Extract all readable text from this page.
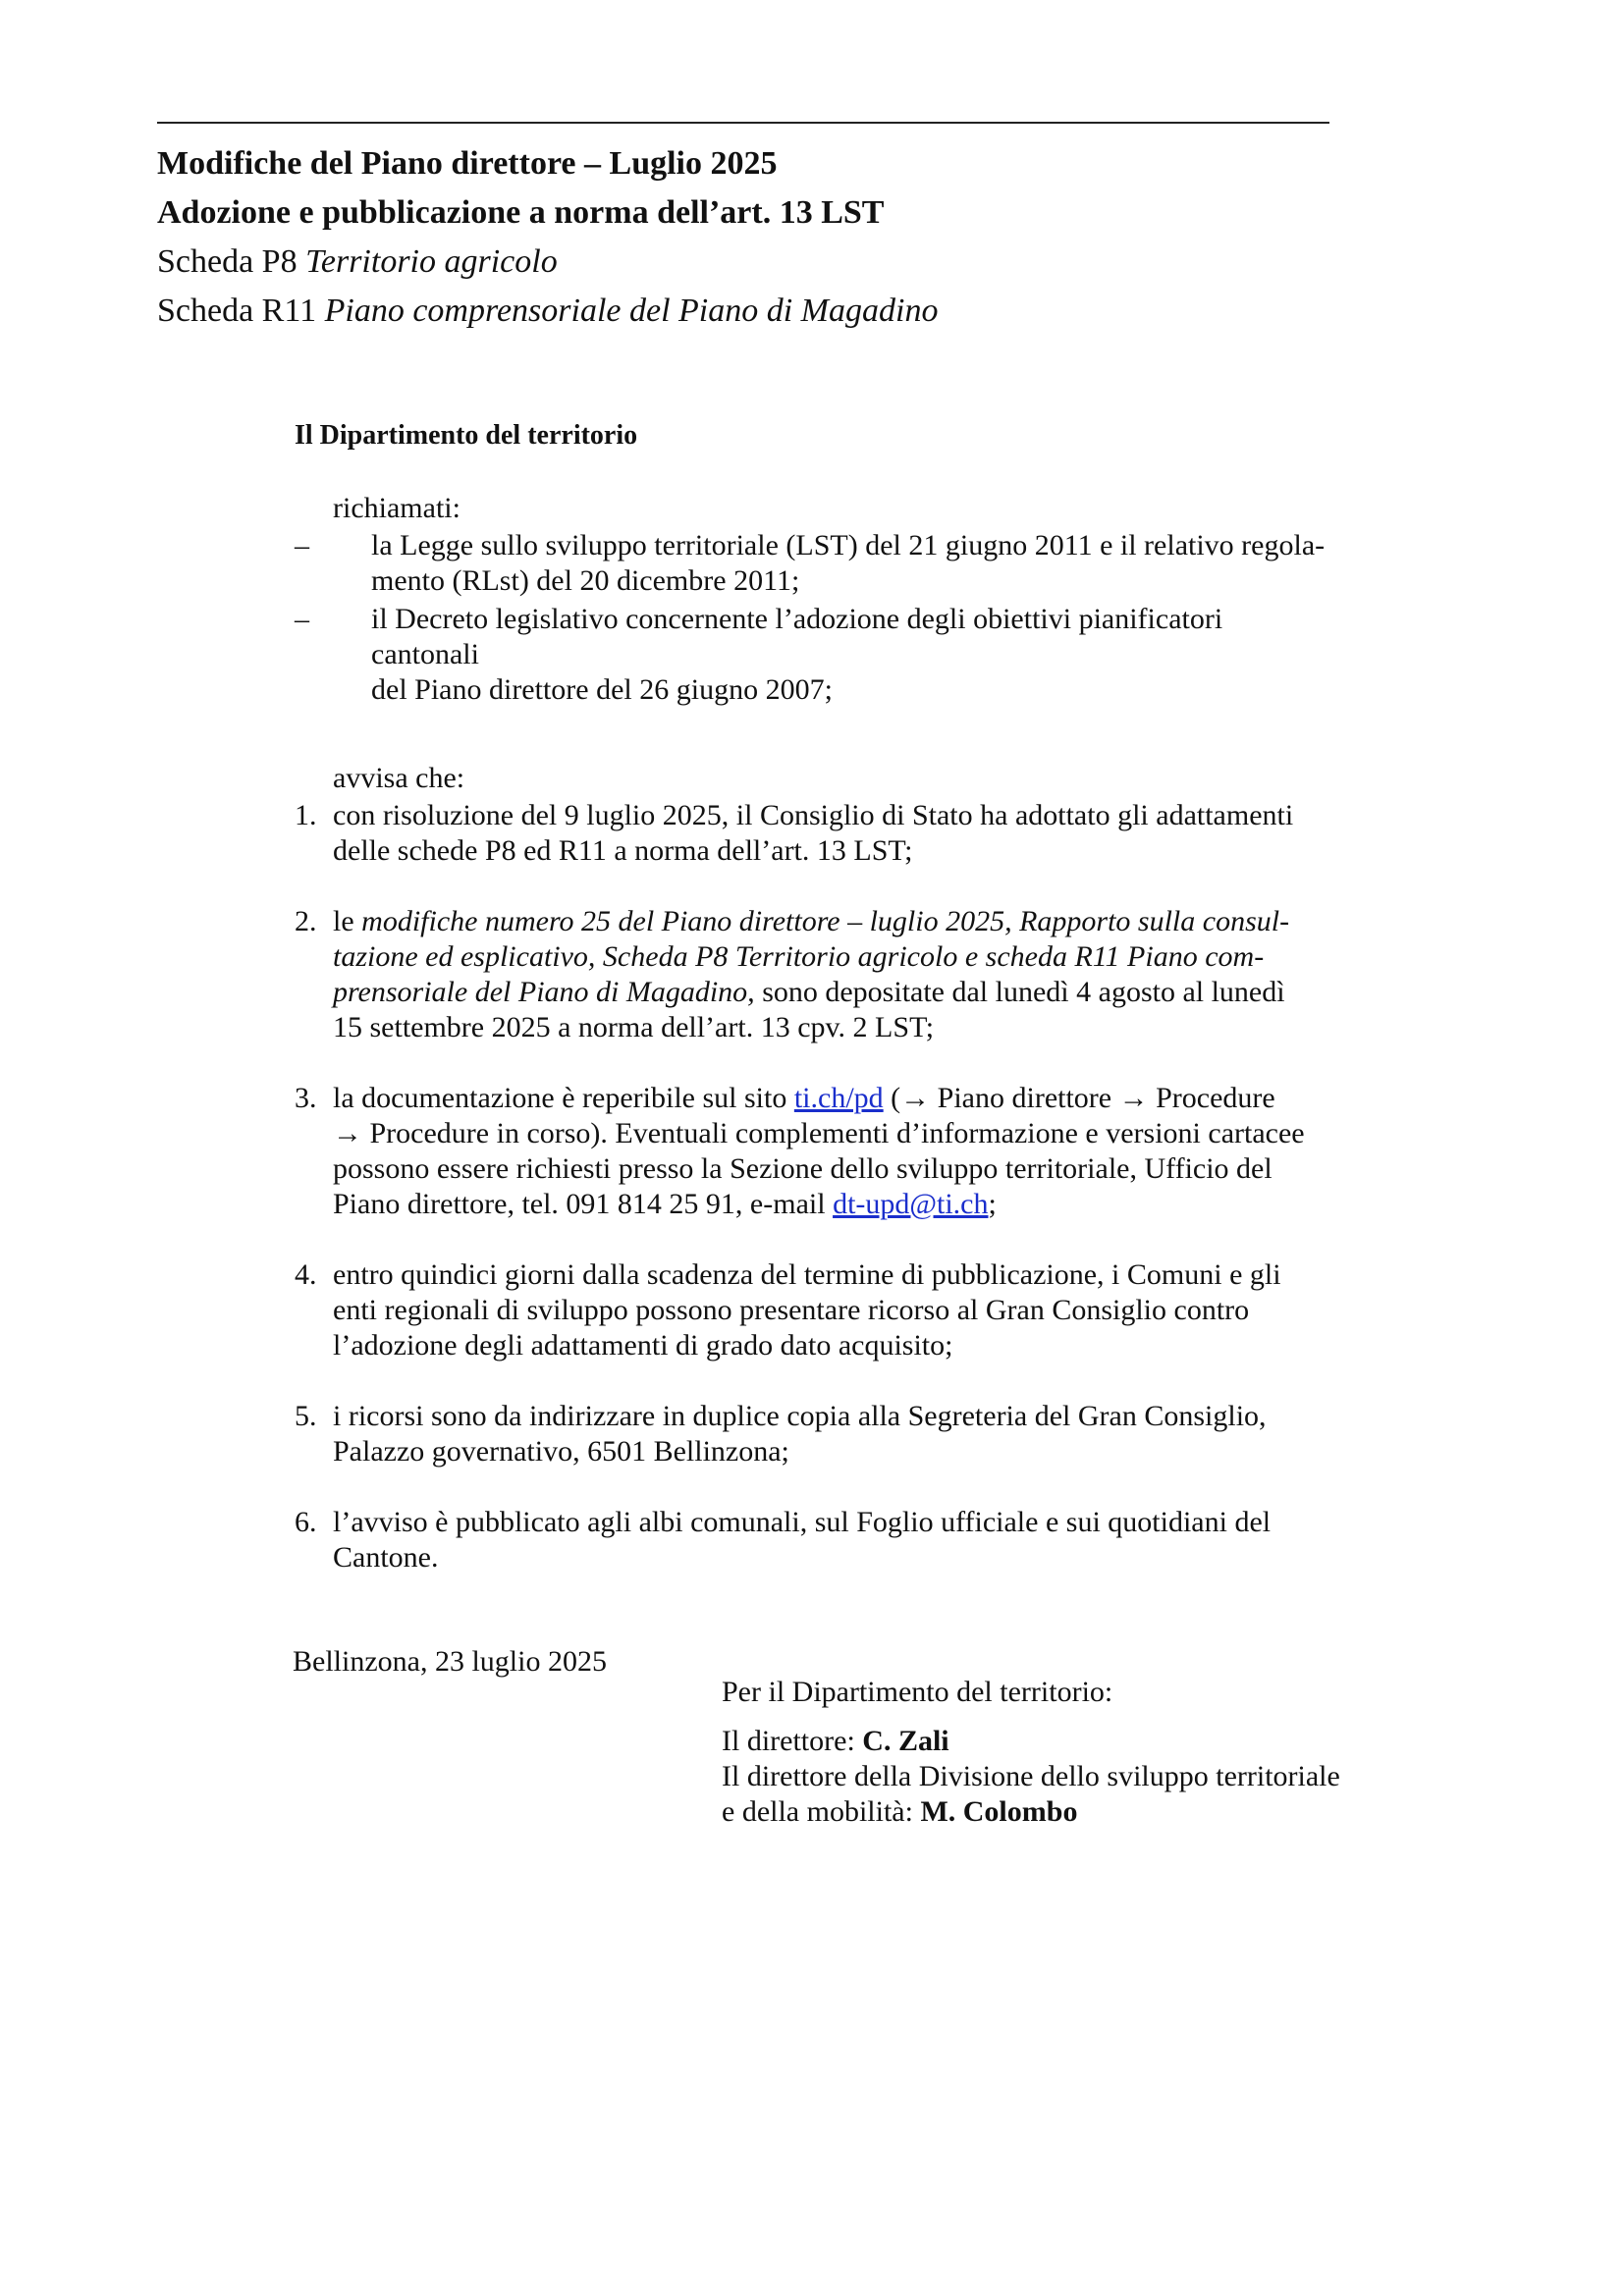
Modifiche del Piano direttore – Luglio 2025
Adozione e pubblicazione a norma dell’art. 13 LST
Scheda P8 Territorio agricolo
Scheda R11 Piano comprensoriale del Piano di Magadino
Il Dipartimento del territorio

richiamati:

–	la Legge sullo sviluppo territoriale (LST) del 21 giugno 2011 e il relativo regola-
mento (RLst) del 20 dicembre 2011;
–	il Decreto legislativo concernente l’adozione degli obiettivi pianificatori cantonali
del Piano direttore del 26 giugno 2007;

avvisa che:

1. con risoluzione del 9 luglio 2025, il Consiglio di Stato ha adottato gli adattamenti
delle schede P8 ed R11 a norma dell’art. 13 LST;
2. le modifiche numero 25 del Piano direttore – luglio 2025, Rapporto sulla consul-
tazione ed esplicativo, Scheda P8 Territorio agricolo e scheda R11 Piano com-
prensoriale del Piano di Magadino, sono depositate dal lunedì 4 agosto al lunedì
15 settembre 2025 a norma dell’art. 13 cpv. 2 LST;
3. la documentazione è reperibile sul sito ti.ch/pd (→ Piano direttore → Procedure
→ Procedure in corso). Eventuali complementi d’informazione e versioni cartacee
possono essere richiesti presso la Sezione dello sviluppo territoriale, Ufficio del
Piano direttore, tel. 091 814 25 91, e-mail dt-upd@ti.ch;
4. entro quindici giorni dalla scadenza del termine di pubblicazione, i Comuni e gli
enti regionali di sviluppo possono presentare ricorso al Gran Consiglio contro
l’adozione degli adattamenti di grado dato acquisito;
5. i ricorsi sono da indirizzare in duplice copia alla Segreteria del Gran Consiglio,
Palazzo governativo, 6501 Bellinzona;
6. l’avviso è pubblicato agli albi comunali, sul Foglio ufficiale e sui quotidiani del
Cantone.
Bellinzona, 23 luglio 2025
Per il Dipartimento del territorio:
Il direttore: C. Zali
Il direttore della Divisione dello sviluppo territoriale
e della mobilità: M. Colombo
